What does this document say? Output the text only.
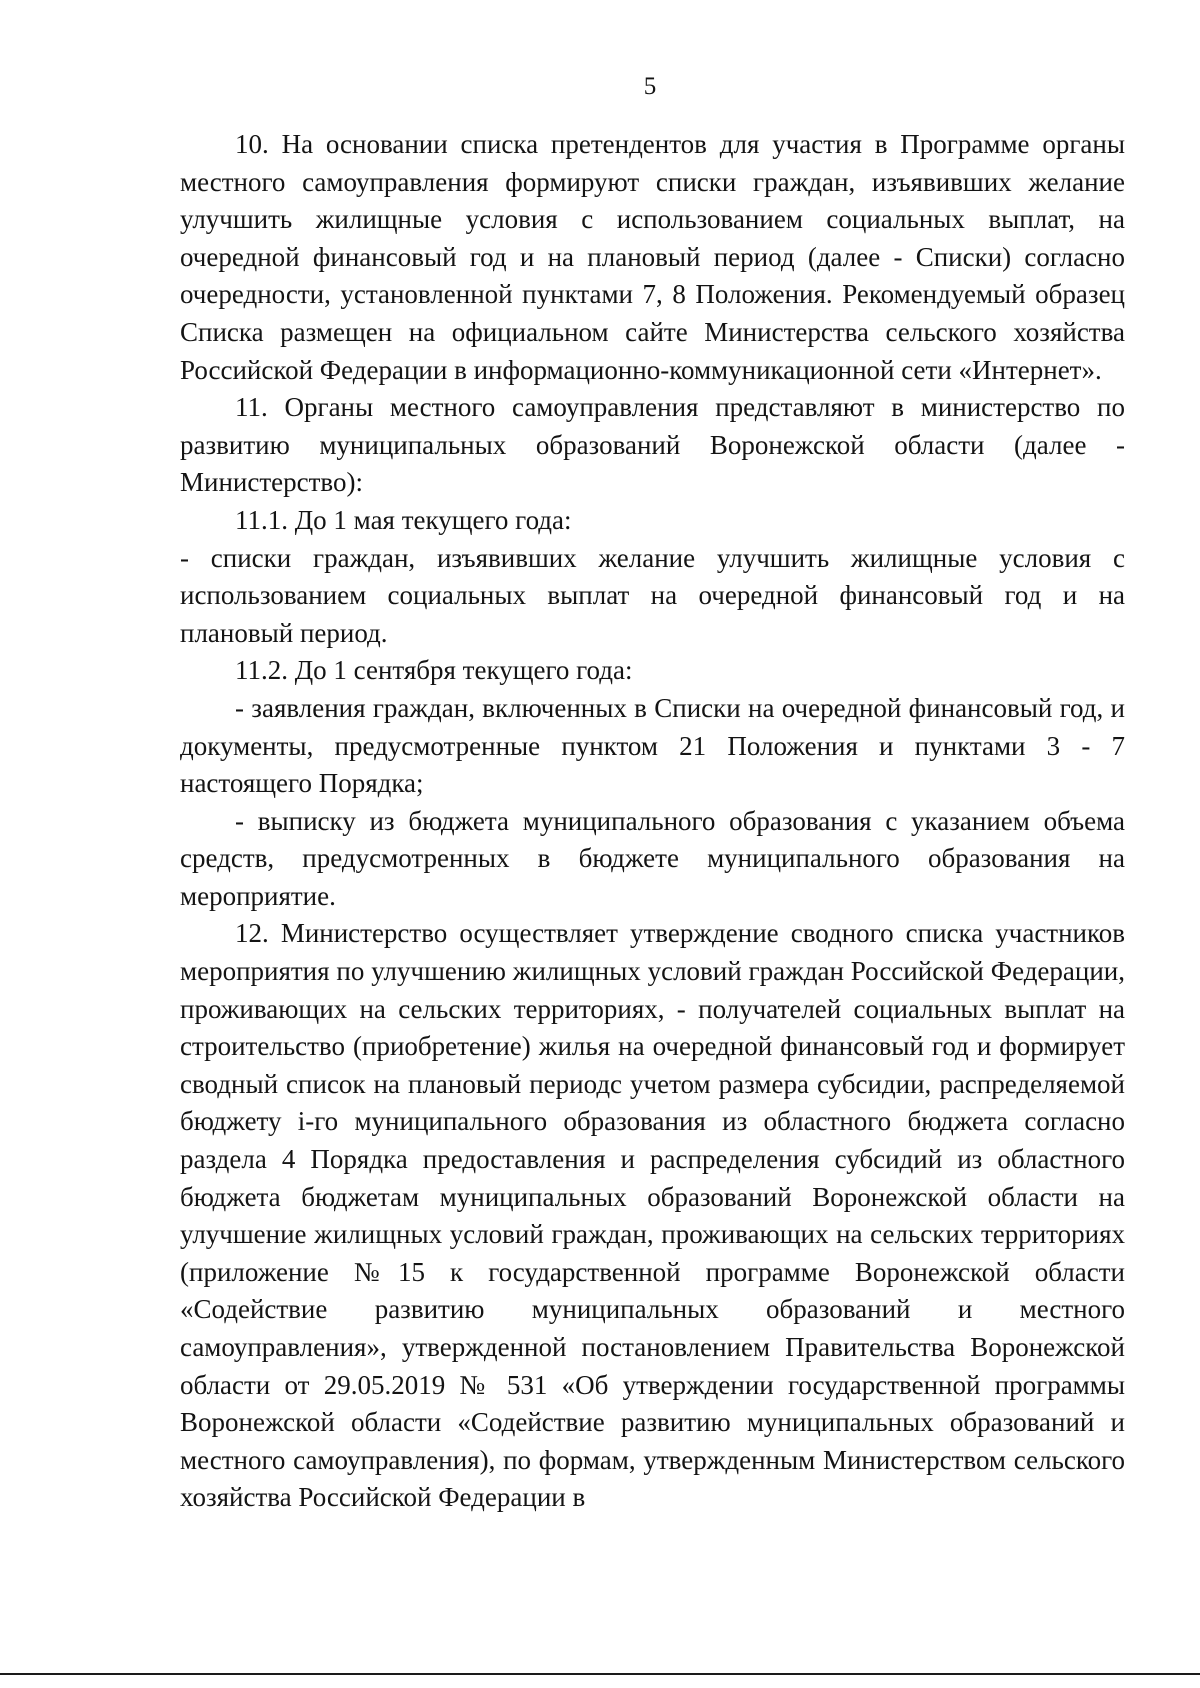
5

10. На основании списка претендентов для участия в Программе органы местного самоуправления формируют списки граждан, изъявивших желание улучшить жилищные условия с использованием социальных выплат, на очередной финансовый год и на плановый период (далее - Списки) согласно очередности, установленной пунктами 7, 8 Положения. Рекомендуемый образец Списка размещен на официальном сайте Министерства сельского хозяйства Российской Федерации в информационно-коммуникационной сети «Интернет».

11. Органы местного самоуправления представляют в министерство по развитию муниципальных образований Воронежской области (далее - Министерство):

11.1. До 1 мая текущего года:

- списки граждан, изъявивших желание улучшить жилищные условия с использованием социальных выплат на очередной финансовый год и на плановый период.

11.2. До 1 сентября текущего года:

- заявления граждан, включенных в Списки на очередной финансовый год, и документы, предусмотренные пунктом 21 Положения и пунктами 3 - 7 настоящего Порядка;

- выписку из бюджета муниципального образования с указанием объема средств, предусмотренных в бюджете муниципального образования на мероприятие.

12. Министерство осуществляет утверждение сводного списка участников мероприятия по улучшению жилищных условий граждан Российской Федерации, проживающих на сельских территориях, - получателей социальных выплат на строительство (приобретение) жилья на очередной финансовый год и формирует сводный список на плановый периодс учетом размера субсидии, распределяемой бюджету i-го муниципального образования из областного бюджета согласно раздела 4 Порядка предоставления и распределения субсидий из областного бюджета бюджетам муниципальных образований Воронежской области на улучшение жилищных условий граждан, проживающих на сельских территориях (приложение №15 к государственной программе Воронежской области «Содействие развитию муниципальных образований и местного самоуправления», утвержденной постановлением Правительства Воронежской области от 29.05.2019 № 531 «Об утверждении государственной программы Воронежской области «Содействие развитию муниципальных образований и местного самоуправления), по формам, утвержденным Министерством сельского хозяйства Российской Федерации в
